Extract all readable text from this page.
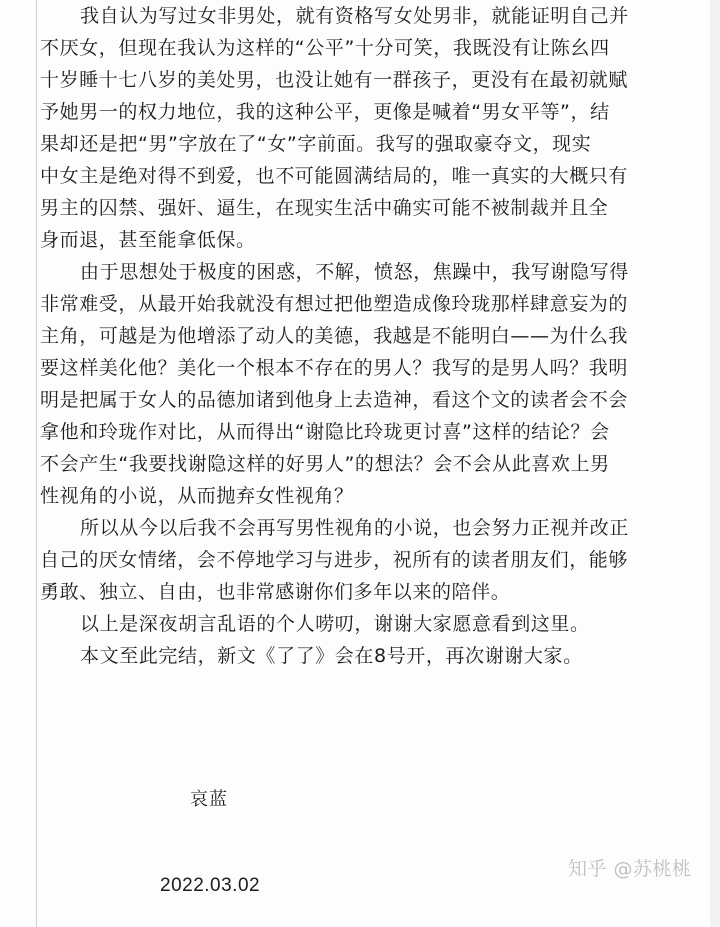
我自认为写过女非男处，就有资格写女处男非，就能证明自己并
不厌女，但现在我认为这样的“公平”十分可笑，我既没有让陈幺四
十岁睡十七八岁的美处男，也没让她有一群孩子，更没有在最初就赋
予她男一的权力地位，我的这种公平，更像是喊着“男女平等”，结
果却还是把“男”字放在了“女”字前面。我写的强取豪夺文，现实
中女主是绝对得不到爱，也不可能圆满结局的，唯一真实的大概只有
男主的囚禁、强奸、逼生，在现实生活中确实可能不被制裁并且全
身而退，甚至能拿低保。
由于思想处于极度的困惑，不解，愤怒，焦躁中，我写谢隐写得
非常难受，从最开始我就没有想过把他塑造成像玲珑那样肆意妄为的
主角，可越是为他增添了动人的美德，我越是不能明白——为什么我
要这样美化他？美化一个根本不存在的男人？我写的是男人吗？我明
明是把属于女人的品德加诸到他身上去造神，看这个文的读者会不会
拿他和玲珑作对比，从而得出“谢隐比玲珑更讨喜”这样的结论？会
不会产生“我要找谢隐这样的好男人”的想法？会不会从此喜欢上男
性视角的小说，从而抛弃女性视角？
所以从今以后我不会再写男性视角的小说，也会努力正视并改正
自己的厌女情绪，会不停地学习与进步，祝所有的读者朋友们，能够
勇敢、独立、自由，也非常感谢你们多年以来的陪伴。
以上是深夜胡言乱语的个人唠叨，谢谢大家愿意看到这里。
本文至此完结，新文《了了》会在8号开，再次谢谢大家。
哀蓝
2022.03.02
知乎 @苏桃桃
